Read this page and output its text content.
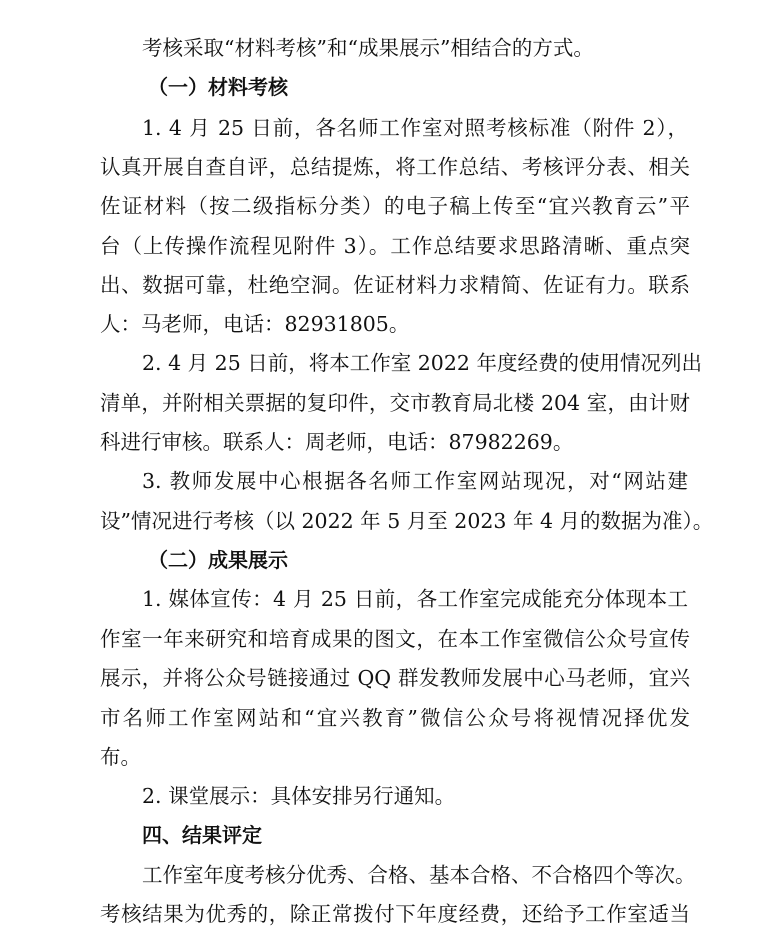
考核采取“材料考核”和“成果展示”相结合的方式。
（一）材料考核
1. 4 月 25 日前，各名师工作室对照考核标准（附件 2），
认真开展自查自评，总结提炼，将工作总结、考核评分表、相关
佐证材料（按二级指标分类）的电子稿上传至“宜兴教育云”平
台（上传操作流程见附件 3）。工作总结要求思路清晰、重点突
出、数据可靠，杜绝空洞。佐证材料力求精简、佐证有力。联系
人：马老师，电话：82931805。
2. 4 月 25 日前，将本工作室 2022 年度经费的使用情况列出
清单，并附相关票据的复印件，交市教育局北楼 204 室，由计财
科进行审核。联系人：周老师，电话：87982269。
3. 教师发展中心根据各名师工作室网站现况，对“网站建
设”情况进行考核（以 2022 年 5 月至 2023 年 4 月的数据为准）。
（二）成果展示
1. 媒体宣传：4 月 25 日前，各工作室完成能充分体现本工
作室一年来研究和培育成果的图文，在本工作室微信公众号宣传
展示，并将公众号链接通过 QQ 群发教师发展中心马老师，宜兴
市名师工作室网站和“宜兴教育”微信公众号将视情况择优发
布。
2. 课堂展示：具体安排另行通知。
四、结果评定
工作室年度考核分优秀、合格、基本合格、不合格四个等次。
考核结果为优秀的，除正常拨付下年度经费，还给予工作室适当
